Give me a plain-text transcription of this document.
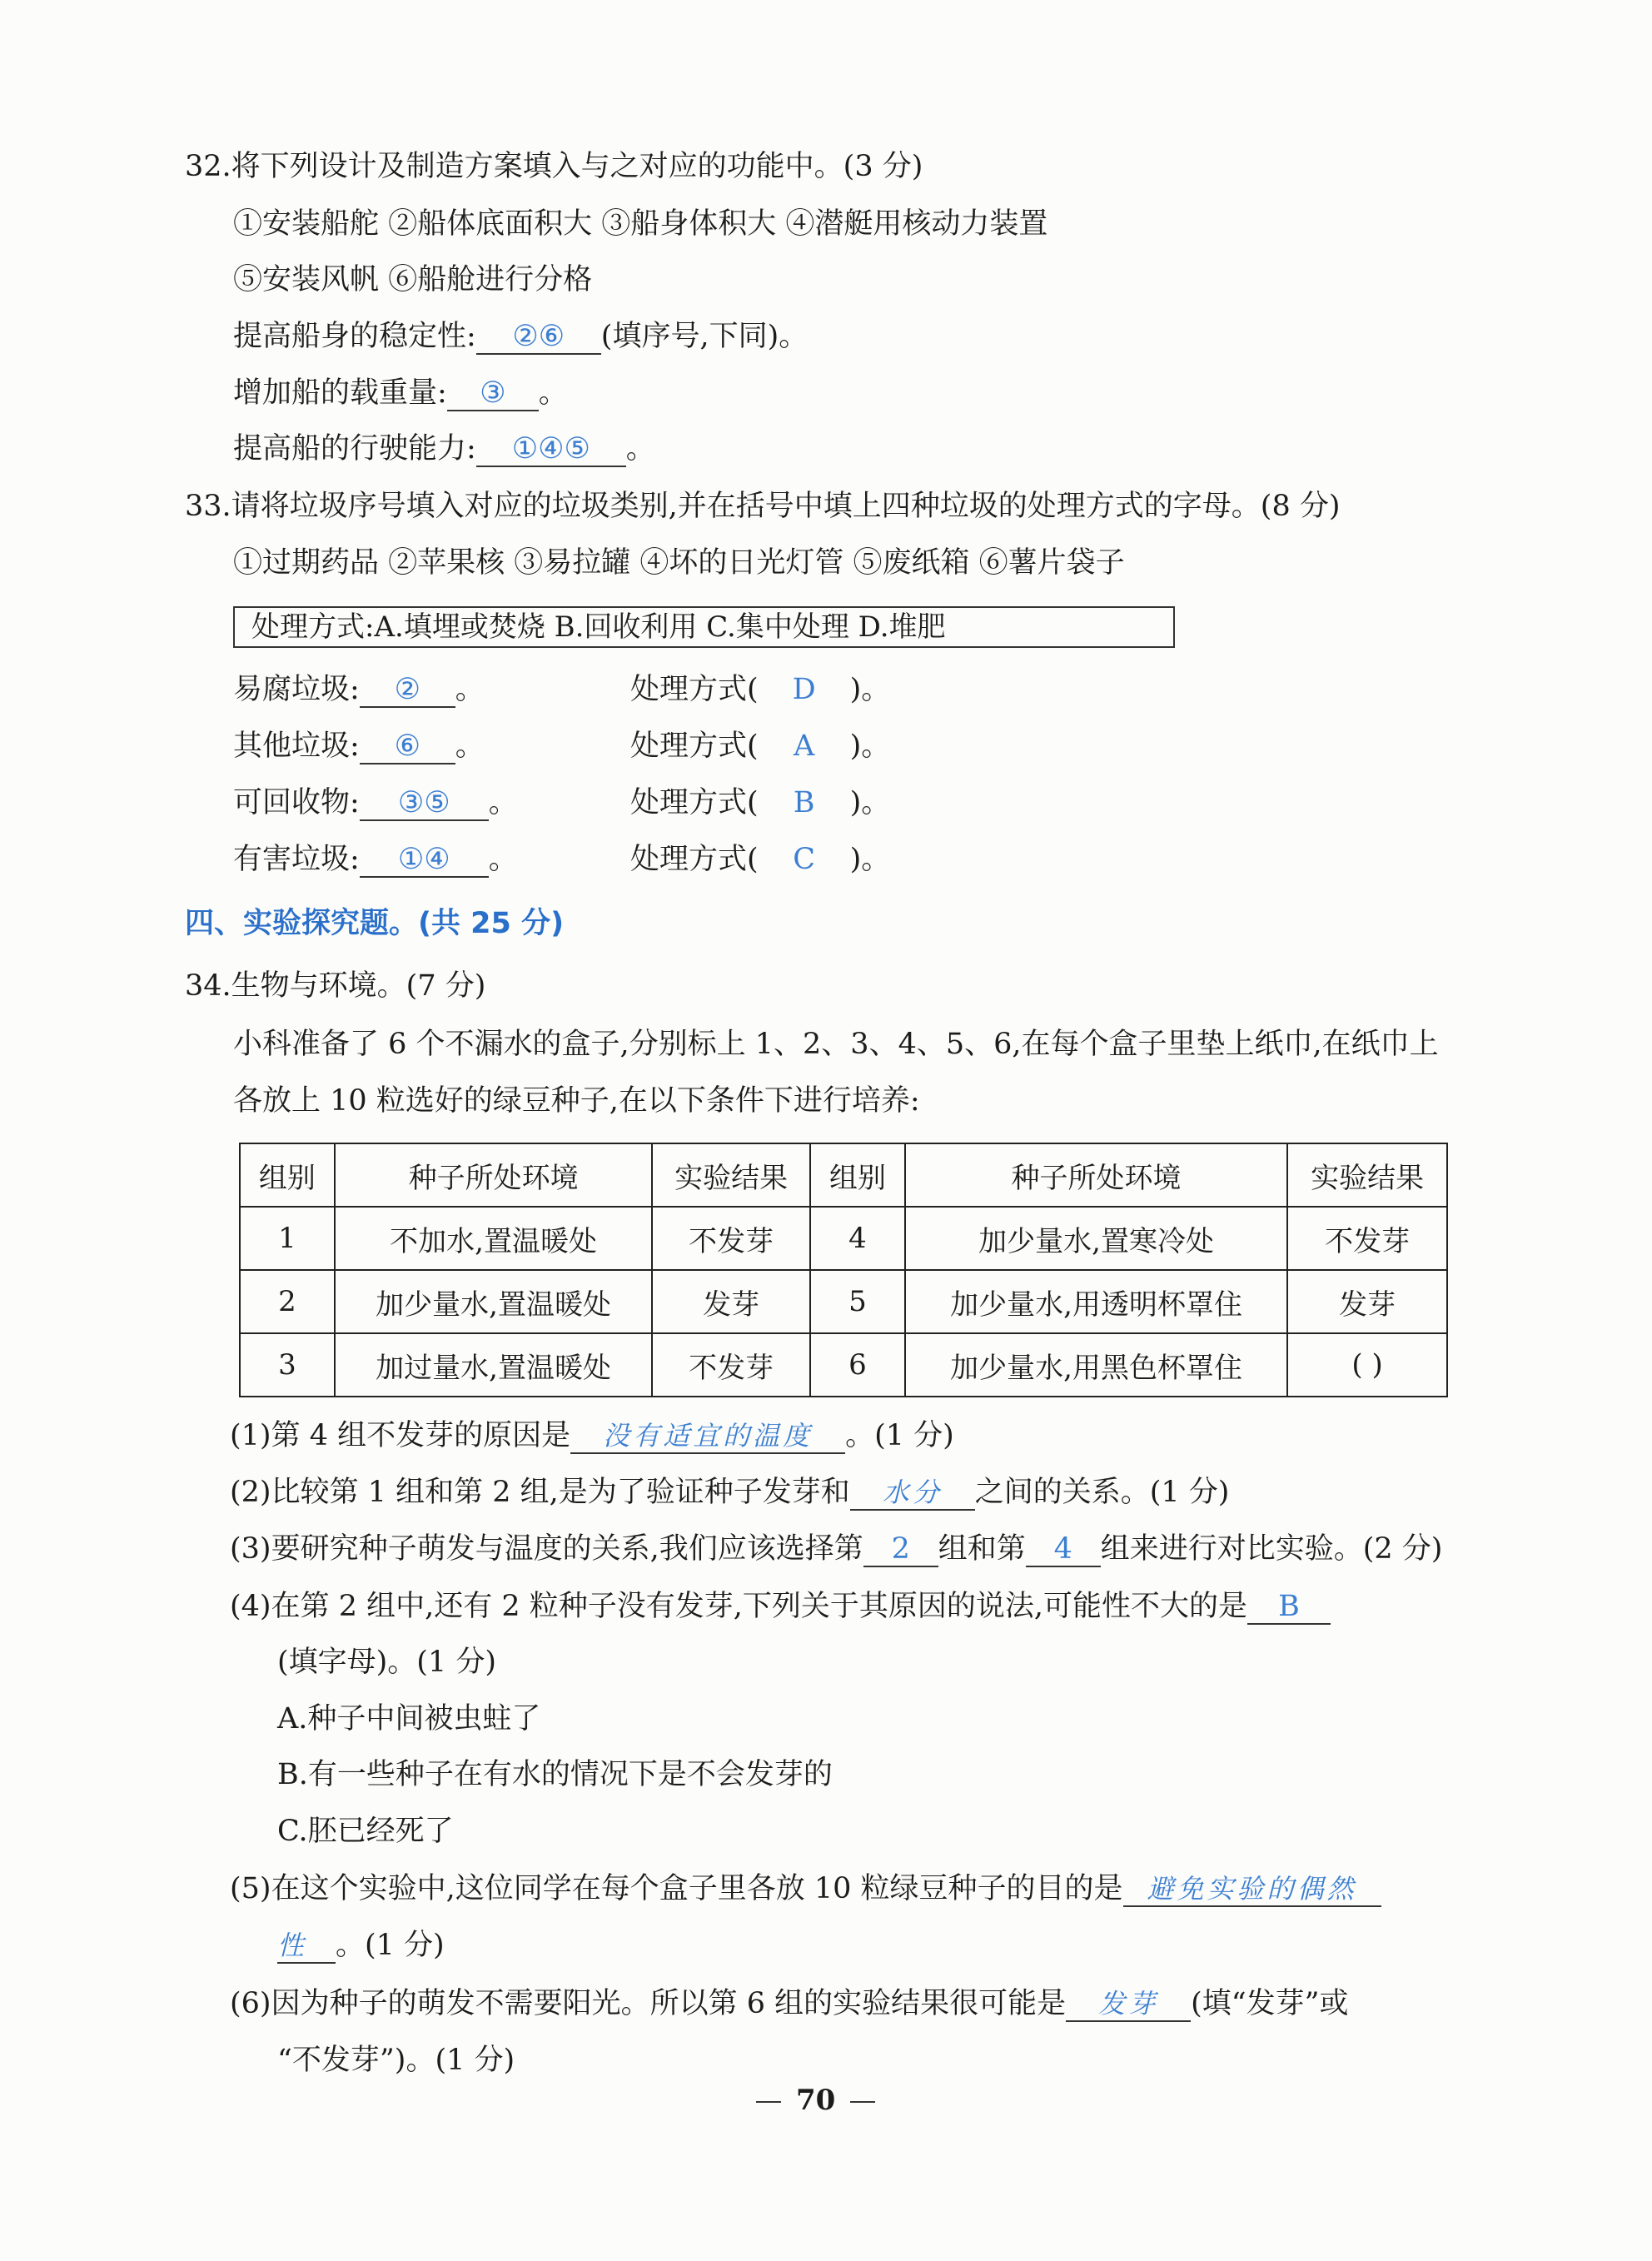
32.将下列设计及制造方案填入与之对应的功能中。(3 分)
①安装船舵 ②船体底面积大 ③船身体积大 ④潜艇用核动力装置
⑤安装风帆 ⑥船舱进行分格
提高船身的稳定性: ②⑥ (填序号,下同)。
增加船的载重量: ③ 。
提高船的行驶能力: ①④⑤ 。
33.请将垃圾序号填入对应的垃圾类别,并在括号中填上四种垃圾的处理方式的字母。(8 分)
①过期药品 ②苹果核 ③易拉罐 ④坏的日光灯管 ⑤废纸箱 ⑥薯片袋子
处理方式:A.填埋或焚烧 B.回收利用 C.集中处理 D.堆肥
易腐垃圾: ② 。	处理方式( D )。
其他垃圾: ⑥ 。	处理方式( A )。
可回收物: ③⑤ 。	处理方式( B )。
有害垃圾: ①④ 。	处理方式( C )。
四、实验探究题。(共 25 分)
34.生物与环境。(7 分)
小科准备了 6 个不漏水的盒子,分别标上 1、2、3、4、5、6,在每个盒子里垫上纸巾,在纸巾上
各放上 10 粒选好的绿豆种子,在以下条件下进行培养:
组别	种子所处环境	实验结果	组别	种子所处环境	实验结果
1	不加水,置温暖处	不发芽	4	加少量水,置寒冷处	不发芽
2	加少量水,置温暖处	发芽	5	加少量水,用透明杯罩住	发芽
3	加过量水,置温暖处	不发芽	6	加少量水,用黑色杯罩住	( )
(1)第 4 组不发芽的原因是 没有适宜的温度 。(1 分)
(2)比较第 1 组和第 2 组,是为了验证种子发芽和 水分 之间的关系。(1 分)
(3)要研究种子萌发与温度的关系,我们应该选择第 2 组和第 4 组来进行对比实验。(2 分)
(4)在第 2 组中,还有 2 粒种子没有发芽,下列关于其原因的说法,可能性不大的是 B
(填字母)。(1 分)
A.种子中间被虫蛀了
B.有一些种子在有水的情况下是不会发芽的
C.胚已经死了
(5)在这个实验中,这位同学在每个盒子里各放 10 粒绿豆种子的目的是 避免实验的偶然
性 。(1 分)
(6)因为种子的萌发不需要阳光。所以第 6 组的实验结果很可能是 发芽 (填“发芽”或
“不发芽”)。(1 分)
70
